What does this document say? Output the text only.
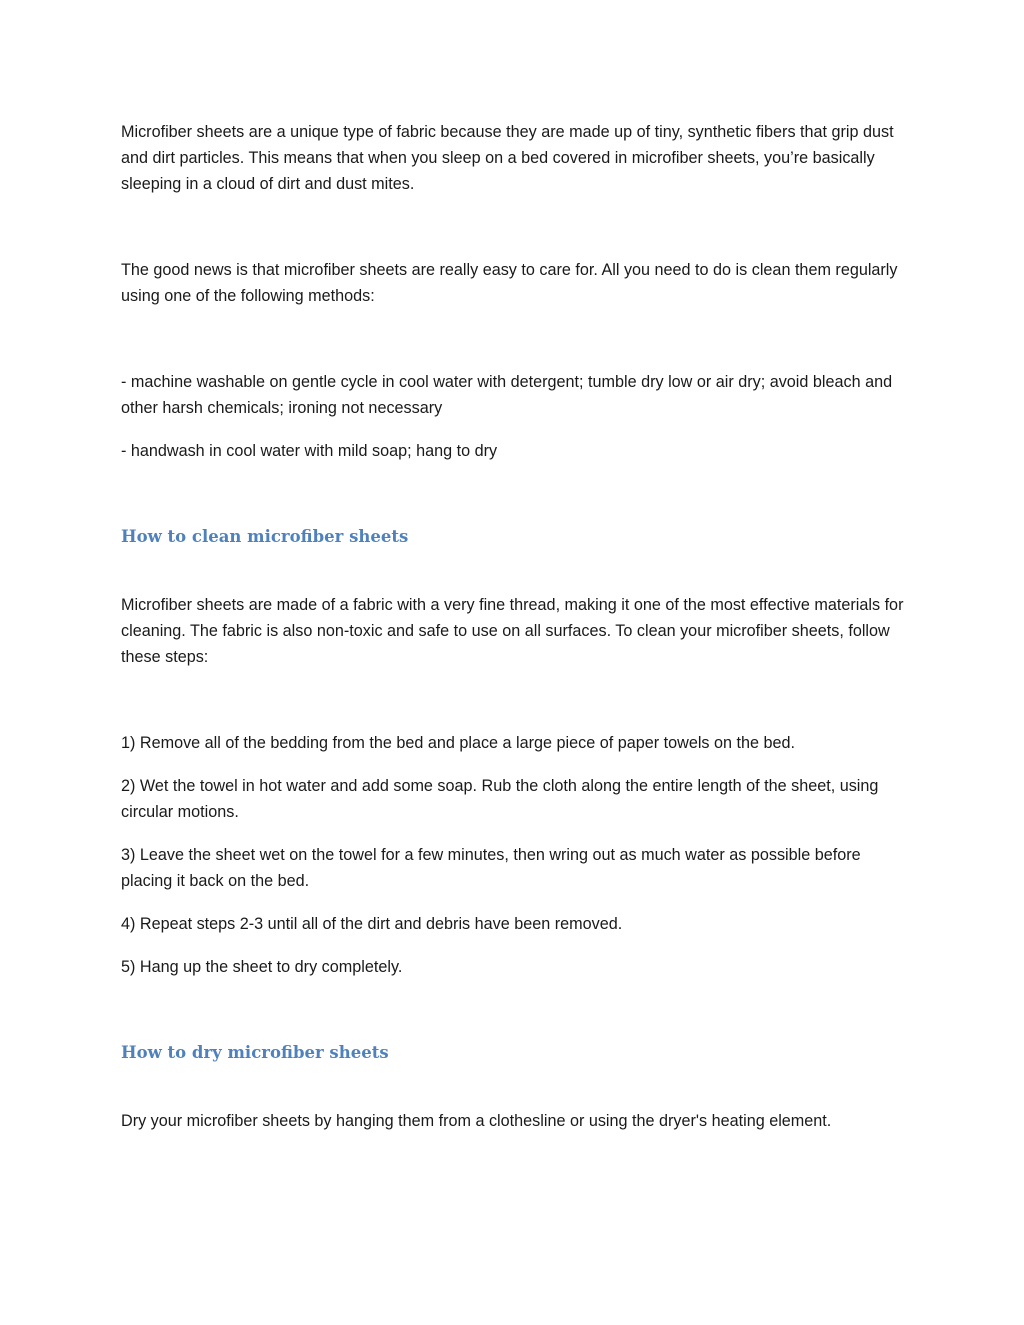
Microfiber sheets are a unique type of fabric because they are made up of tiny, synthetic fibers that grip dust and dirt particles. This means that when you sleep on a bed covered in microfiber sheets, you’re basically sleeping in a cloud of dirt and dust mites.

The good news is that microfiber sheets are really easy to care for. All you need to do is clean them regularly using one of the following methods:

- machine washable on gentle cycle in cool water with detergent; tumble dry low or air dry; avoid bleach and other harsh chemicals; ironing not necessary

- handwash in cool water with mild soap; hang to dry

How to clean microfiber sheets

Microfiber sheets are made of a fabric with a very fine thread, making it one of the most effective materials for cleaning. The fabric is also non-toxic and safe to use on all surfaces. To clean your microfiber sheets, follow these steps:

1) Remove all of the bedding from the bed and place a large piece of paper towels on the bed.

2) Wet the towel in hot water and add some soap. Rub the cloth along the entire length of the sheet, using circular motions.

3) Leave the sheet wet on the towel for a few minutes, then wring out as much water as possible before placing it back on the bed.

4) Repeat steps 2-3 until all of the dirt and debris have been removed.

5) Hang up the sheet to dry completely.

How to dry microfiber sheets

Dry your microfiber sheets by hanging them from a clothesline or using the dryer's heating element.
